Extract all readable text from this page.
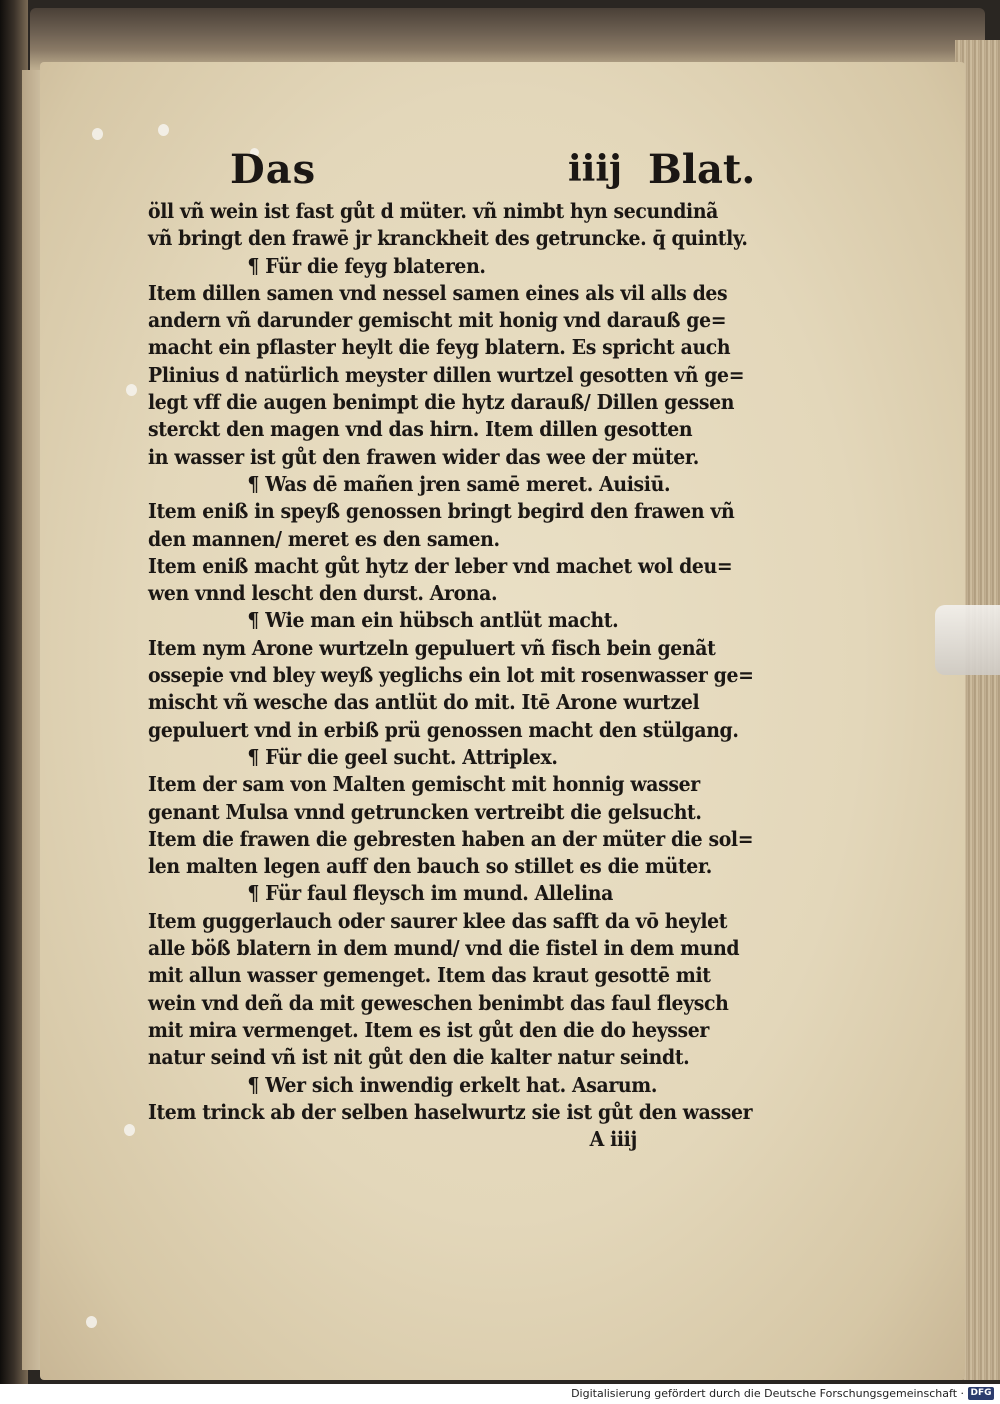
Das	iiij Blat.
öll vñ wein ist fast gůt d müter. vñ nimbt hyn secundinã
vñ bringt den frawē jr kranckheit des getruncke. q̄ quintly.
¶ Für die feyg blateren.
Item dillen samen vnd nessel samen eines als vil alls des
andern vñ darunder gemischt mit honig vnd darauß ge=
macht ein pflaster heylt die feyg blatern. Es spricht auch
Plinius d natürlich meyster dillen wurtzel gesotten vñ ge=
legt vff die augen benimpt die hytz darauß/ Dillen gessen
sterckt den magen vnd das hirn. Item dillen gesotten
in wasser ist gůt den frawen wider das wee der müter.
¶ Was dē mañen jren samē meret. Auisiū.
Item eniß in speyß genossen bringt begird den frawen vñ
den mannen/ meret es den samen.
Item eniß macht gůt hytz der leber vnd machet wol deu=
wen vnnd lescht den durst. Arona.
¶ Wie man ein hübsch antlüt macht.
Item nym Arone wurtzeln gepuluert vñ fisch bein genãt
ossepie vnd bley weyß yeglichs ein lot mit rosenwasser ge=
mischt vñ wesche das antlüt do mit. Itē Arone wurtzel
gepuluert vnd in erbiß prü genossen macht den stülgang.
¶ Für die geel sucht. Attriplex.
Item der sam von Malten gemischt mit honnig wasser
genant Mulsa vnnd getruncken vertreibt die gelsucht.
Item die frawen die gebresten haben an der müter die sol=
len malten legen auff den bauch so stillet es die müter.
¶ Für faul fleysch im mund. Allelina
Item guggerlauch oder saurer klee das safft da vō heylet
alle böß blatern in dem mund/ vnd die fistel in dem mund
mit allun wasser gemenget. Item das kraut gesottē mit
wein vnd deñ da mit geweschen benimbt das faul fleysch
mit mira vermenget. Item es ist gůt den die do heysser
natur seind vñ ist nit gůt den die kalter natur seindt.
¶ Wer sich inwendig erkelt hat. Asarum.
Item trinck ab der selben haselwurtz sie ist gůt den wasser
A iiij
Digitalisierung gefördert durch die Deutsche Forschungsgemeinschaft · DFG
